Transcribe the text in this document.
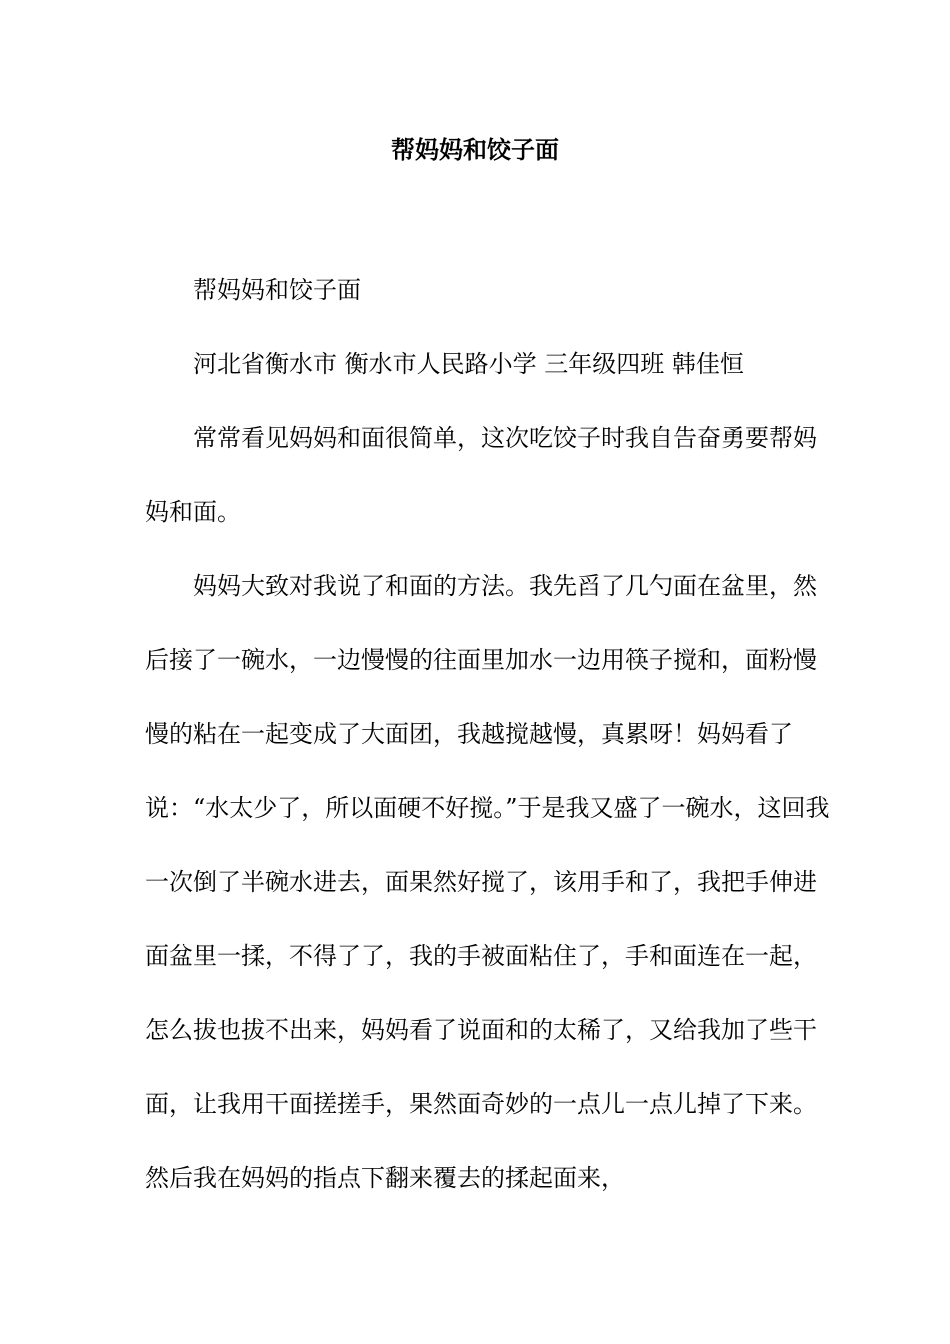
帮妈妈和饺子面

帮妈妈和饺子面

河北省衡水市 衡水市人民路小学 三年级四班 韩佳恒

常常看见妈妈和面很简单，这次吃饺子时我自告奋勇要帮妈妈和面。

妈妈大致对我说了和面的方法。我先舀了几勺面在盆里，然后接了一碗水，一边慢慢的往面里加水一边用筷子搅和，面粉慢慢的粘在一起变成了大面团，我越搅越慢，真累呀！妈妈看了说：“水太少了，所以面硬不好搅。”于是我又盛了一碗水，这回我一次倒了半碗水进去，面果然好搅了，该用手和了，我把手伸进面盆里一揉，不得了了，我的手被面粘住了，手和面连在一起，怎么拔也拔不出来，妈妈看了说面和的太稀了，又给我加了些干面，让我用干面搓搓手，果然面奇妙的一点儿一点儿掉了下来。然后我在妈妈的指点下翻来覆去的揉起面来，
